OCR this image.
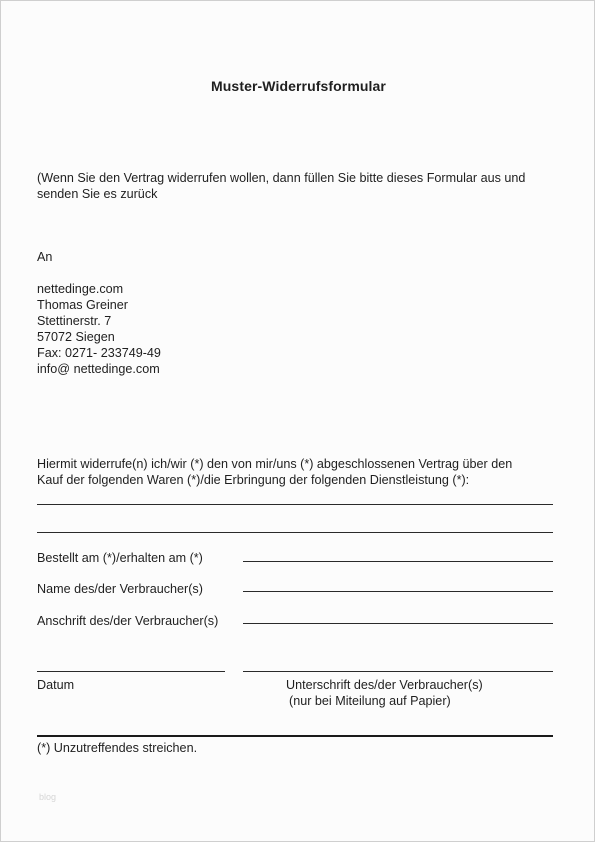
Muster-Widerrufsformular
(Wenn Sie den Vertrag widerrufen wollen, dann füllen Sie bitte dieses Formular aus und
senden Sie es zurück
An
nettedinge.com
Thomas Greiner
Stettinerstr. 7
57072 Siegen
Fax: 0271- 233749-49
info@ nettedinge.com
Hiermit widerrufe(n) ich/wir (*) den von mir/uns (*) abgeschlossenen Vertrag über den
Kauf der folgenden Waren (*)/die Erbringung der folgenden Dienstleistung (*):
Bestellt am (*)/erhalten am (*)
Name des/der Verbraucher(s)
Anschrift des/der Verbraucher(s)
Datum	Unterschrift des/der Verbraucher(s)
(nur bei Miteilung auf Papier)
(*) Unzutreffendes streichen.
blog
